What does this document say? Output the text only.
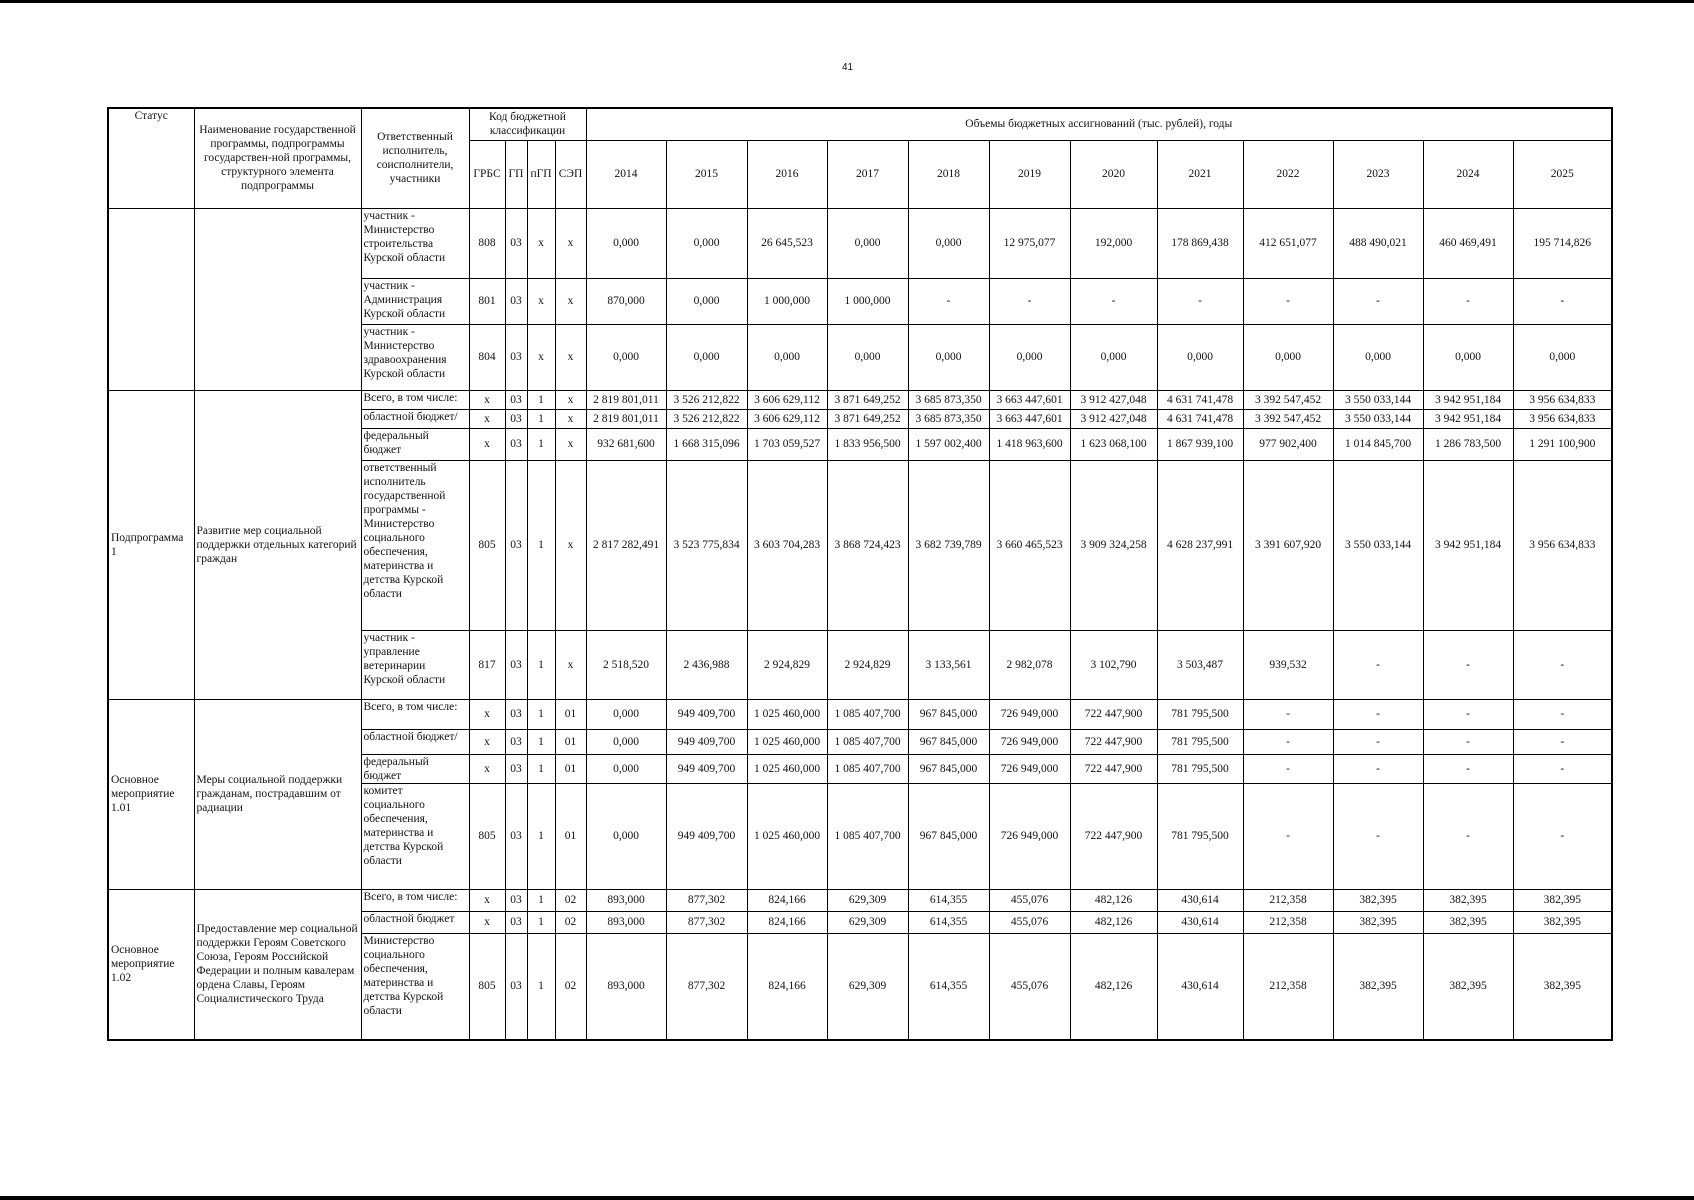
41
Статус	Наименование государственной программы, подпрограммы государствен-ной программы, структурного элемента подпрограммы	Ответственный исполнитель, соисполнители, участники	Код бюджетной классификации				Объемы бюджетных ассигнований (тыс. рублей), годы											
			ГРБС	ГП	пГП	СЭП	2014	2015	2016	2017	2018	2019	2020	2021	2022	2023	2024	2025
		участник - Министерство строительства Курской области	808	03	x	x	0,000	0,000	26 645,523	0,000	0,000	12 975,077	192,000	178 869,438	412 651,077	488 490,021	460 469,491	195 714,826
		участник - Администрация Курской области	801	03	x	x	870,000	0,000	1 000,000	1 000,000	-	-	-	-	-	-	-	-
		участник - Министерство здравоохранения Курской области	804	03	x	x	0,000	0,000	0,000	0,000	0,000	0,000	0,000	0,000	0,000	0,000	0,000	0,000
Подпрограмма 1	Развитие мер социальной поддержки отдельных категорий граждан	Всего, в том числе:	x	03	1	x	2 819 801,011	3 526 212,822	3 606 629,112	3 871 649,252	3 685 873,350	3 663 447,601	3 912 427,048	4 631 741,478	3 392 547,452	3 550 033,144	3 942 951,184	3 956 634,833
		областной бюджет/	x	03	1	x	2 819 801,011	3 526 212,822	3 606 629,112	3 871 649,252	3 685 873,350	3 663 447,601	3 912 427,048	4 631 741,478	3 392 547,452	3 550 033,144	3 942 951,184	3 956 634,833
		федеральный бюджет	x	03	1	x	932 681,600	1 668 315,096	1 703 059,527	1 833 956,500	1 597 002,400	1 418 963,600	1 623 068,100	1 867 939,100	977 902,400	1 014 845,700	1 286 783,500	1 291 100,900
		ответственный исполнитель государственной программы - Министерство социального обеспечения, материнства и детства Курской области	805	03	1	x	2 817 282,491	3 523 775,834	3 603 704,283	3 868 724,423	3 682 739,789	3 660 465,523	3 909 324,258	4 628 237,991	3 391 607,920	3 550 033,144	3 942 951,184	3 956 634,833
		участник - управление ветеринарии Курской области	817	03	1	x	2 518,520	2 436,988	2 924,829	2 924,829	3 133,561	2 982,078	3 102,790	3 503,487	939,532	-	-	-
Основное мероприятие 1.01	Меры социальной поддержки гражданам, пострадавшим от радиации	Всего, в том числе:	x	03	1	01	0,000	949 409,700	1 025 460,000	1 085 407,700	967 845,000	726 949,000	722 447,900	781 795,500	-	-	-	-
		областной бюджет/	x	03	1	01	0,000	949 409,700	1 025 460,000	1 085 407,700	967 845,000	726 949,000	722 447,900	781 795,500	-	-	-	-
		федеральный бюджет	x	03	1	01	0,000	949 409,700	1 025 460,000	1 085 407,700	967 845,000	726 949,000	722 447,900	781 795,500	-	-	-	-
		комитет социального обеспечения, материнства и детства Курской области	805	03	1	01	0,000	949 409,700	1 025 460,000	1 085 407,700	967 845,000	726 949,000	722 447,900	781 795,500	-	-	-	-
Основное мероприятие 1.02	Предоставление мер социальной поддержки Героям Советского Союза, Героям Российской Федерации и полным кавалерам ордена Славы, Героям Социалистического Труда	Всего, в том числе:	x	03	1	02	893,000	877,302	824,166	629,309	614,355	455,076	482,126	430,614	212,358	382,395	382,395	382,395
		областной бюджет	x	03	1	02	893,000	877,302	824,166	629,309	614,355	455,076	482,126	430,614	212,358	382,395	382,395	382,395
		Министерство социального обеспечения, материнства и детства Курской области	805	03	1	02	893,000	877,302	824,166	629,309	614,355	455,076	482,126	430,614	212,358	382,395	382,395	382,395
